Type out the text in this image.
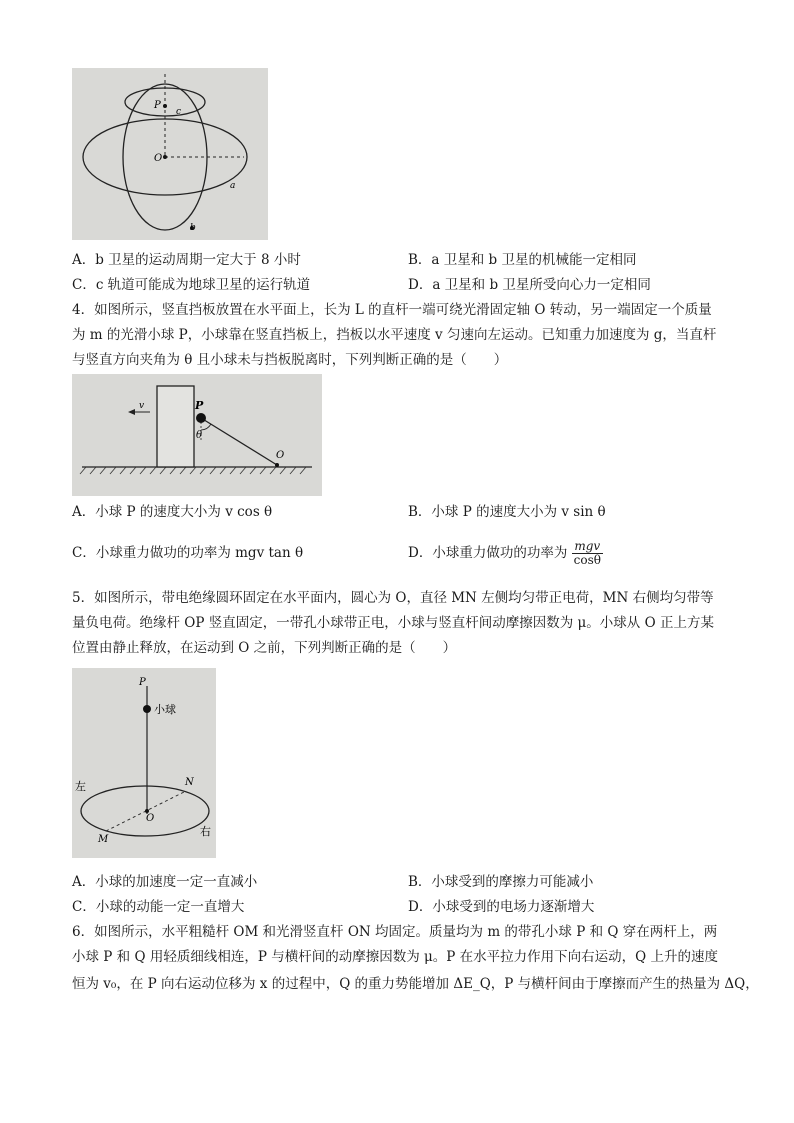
P
c
O
a
b
A．b 卫星的运动周期一定大于 8 小时	B．a 卫星和 b 卫星的机械能一定相同
C．c 轨道可能成为地球卫星的运行轨道	D．a 卫星和 b 卫星所受向心力一定相同
4．如图所示，竖直挡板放置在水平面上，长为 L 的直杆一端可绕光滑固定轴 O 转动，另一端固定一个质量
为 m 的光滑小球 P，小球靠在竖直挡板上，挡板以水平速度 v 匀速向左运动。已知重力加速度为 g，当直杆
与竖直方向夹角为 θ 且小球未与挡板脱离时，下列判断正确的是（　　）
v	P
θ
O
A．小球 P 的速度大小为 v cos θ	B．小球 P 的速度大小为 v sin θ
C．小球重力做功的功率为 mgv tan θ	D．小球重力做功的功率为 $\frac{\text{mgv}}{\cos\theta}$
5．如图所示，带电绝缘圆环固定在水平面内，圆心为 O，直径 MN 左侧均匀带正电荷，MN 右侧均匀带等
量负电荷。绝缘杆 OP 竖直固定，一带孔小球带正电，小球与竖直杆间动摩擦因数为 μ。小球从 O 正上方某
位置由静止释放，在运动到 O 之前，下列判断正确的是（　　）
P
小球
左	N
O
M
右
A．小球的加速度一定一直减小	B．小球受到的摩擦力可能减小
C．小球的动能一定一直增大	D．小球受到的电场力逐渐增大
6．如图所示，水平粗糙杆 OM 和光滑竖直杆 ON 均固定。质量均为 m 的带孔小球 P 和 Q 穿在两杆上，两
小球 P 和 Q 用轻质细线相连，P 与横杆间的动摩擦因数为 μ。P 在水平拉力作用下向右运动，Q 上升的速度
恒为 v₀，在 P 向右运动位移为 x 的过程中，Q 的重力势能增加 ΔE_Q，P 与横杆间由于摩擦而产生的热量为 ΔQ，
